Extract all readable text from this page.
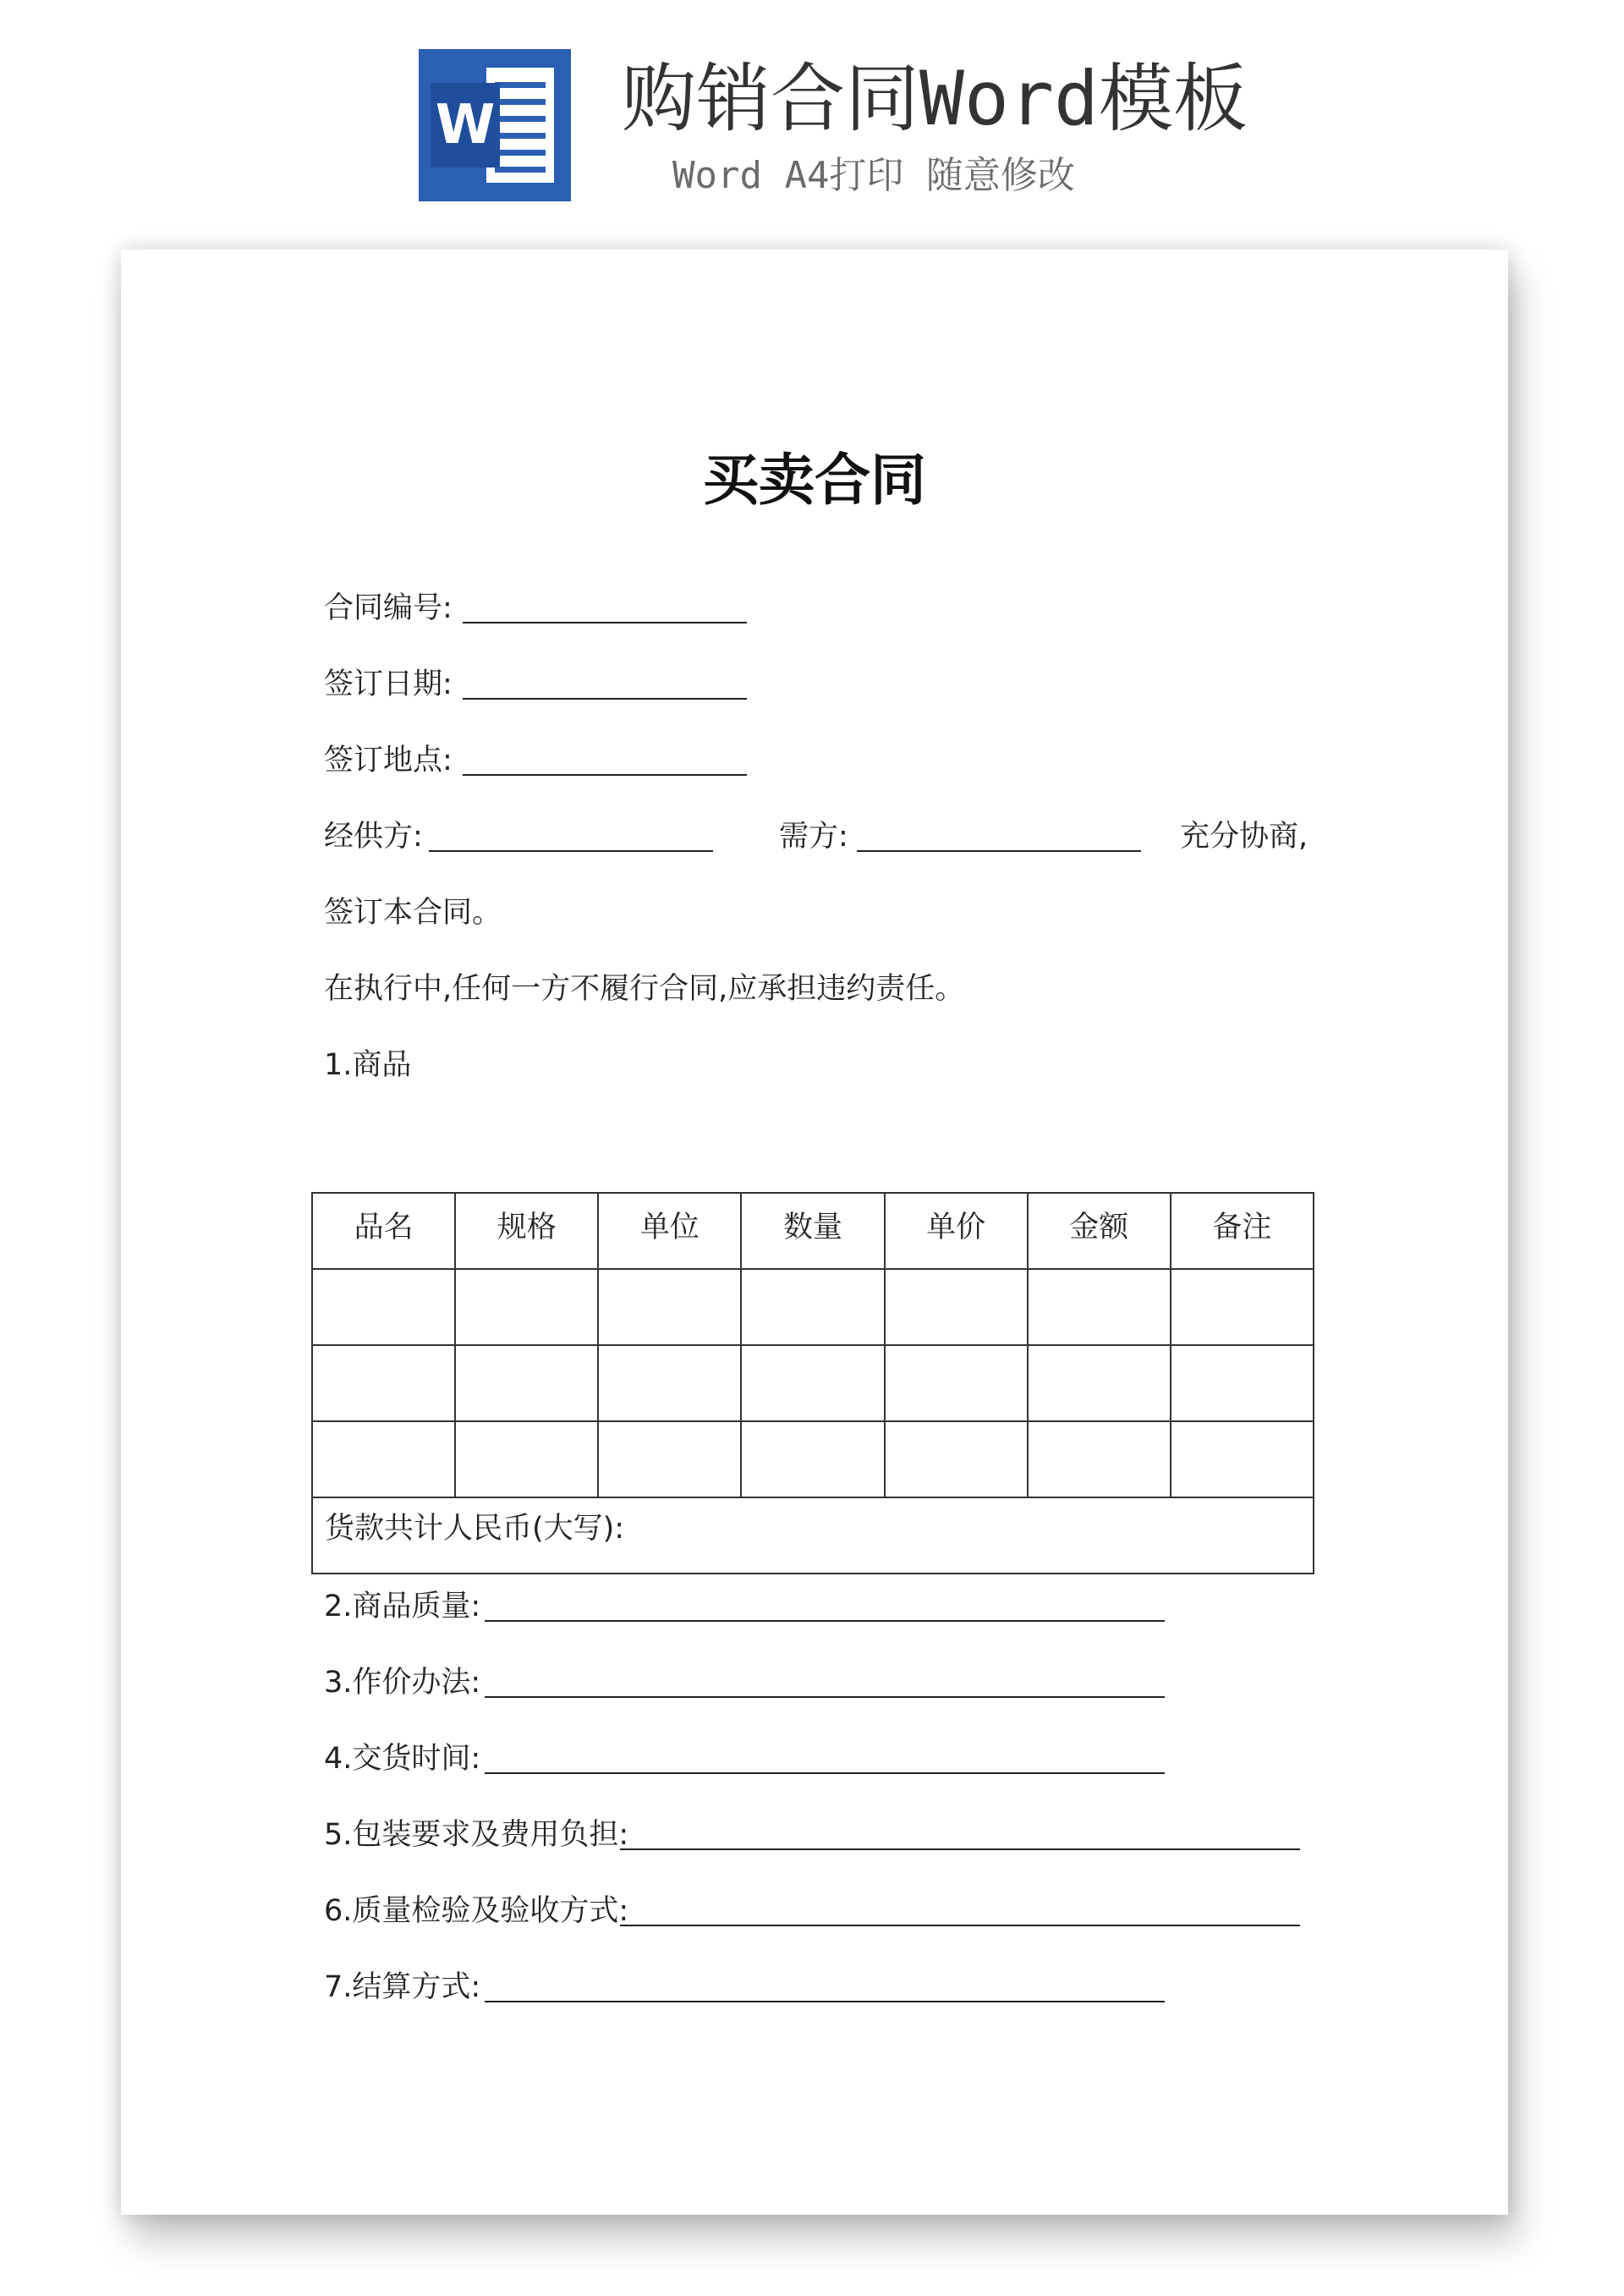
W 购销合同Word模板
Word A4打印 随意修改
买卖合同
合同编号:
签订日期:
签订地点:
经供方:	需方:	充分协商,
签订本合同。
在执行中,任何一方不履行合同,应承担违约责任。
1.商品
品名	规格	单位	数量	单价	金额	备注

货款共计人民币(大写):						
2.商品质量:
3.作价办法:
4.交货时间:
5.包装要求及费用负担:
6.质量检验及验收方式:
7.结算方式:
